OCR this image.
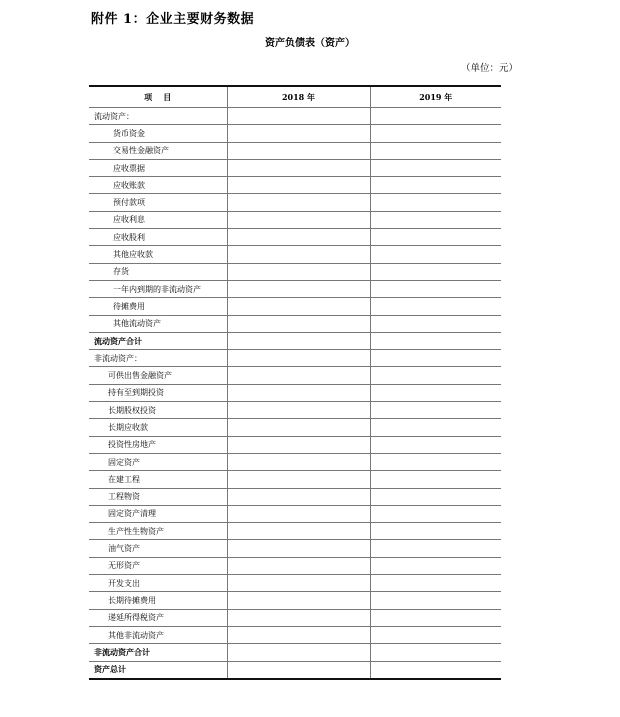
附件 1：企业主要财务数据
资产负债表（资产）
（单位：元）
项    目	2018 年	2019 年
流动资产：		
货币资金		
交易性金融资产		
应收票据		
应收账款		
预付款项		
应收利息		
应收股利		
其他应收款		
存货		
一年内到期的非流动资产		
待摊费用		
其他流动资产		
流动资产合计		
非流动资产：		
可供出售金融资产		
持有至到期投资		
长期股权投资		
长期应收款		
投资性房地产		
固定资产		
在建工程		
工程物资		
固定资产清理		
生产性生物资产		
油气资产		
无形资产		
开发支出		
长期待摊费用		
递延所得税资产		
其他非流动资产		
非流动资产合计		
资产总计		
